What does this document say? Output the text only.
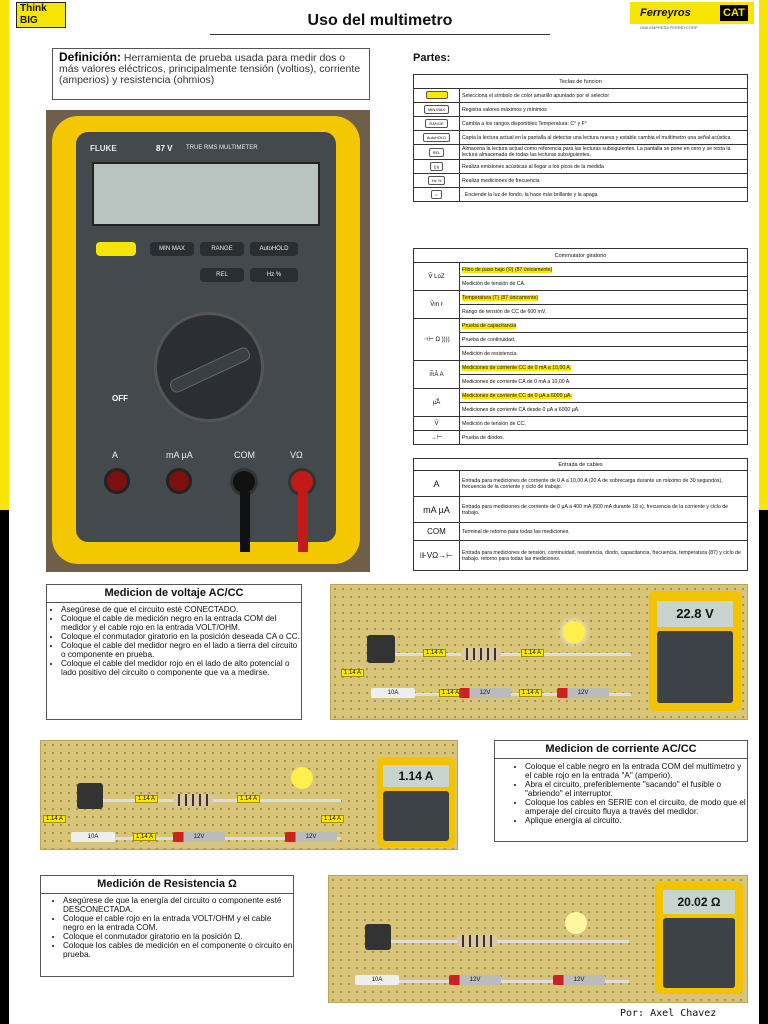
Think BIG	Uso del multimetro	Ferreyros	CAT
UNA EMPRESA FERREYCORP
Definición: Herramienta de prueba usada para medir dos o más valores eléctricos, principalmente tensión (voltios), corriente (amperios) y resistencia (ohmios)
Partes:
FLUKE	87 V TRUE RMS MULTIMETER
MIN MAX	RANGE	AutoHOLD
REL	Hz %
OFF
A	mA µA	COM	VΩ
Teclas de funcion	
	Selecciona el símbolo de color amarillo apuntado por el selector
MIN MAX	Registra valores máximos y mínimos
RANGE	Cambia a los rangos disponibles Temperatura: C° y F°
AutoHOLD	Capta la lectura actual en la pantalla al detectar una lectura nueva y estable cambia el multímetro una señal acústica
REL	Almacena la lectura actual como referencia para las lecturas subsiguientes. La pantalla se pone en cero y se resta la lectura almacenada de todas las lecturas subsiguientes.
))))	Realiza emisiones acústicas al llegar a los picos de la medida
Hz %	Realiza mediciones de frecuencia
☼	. Enciende la luz de fondo, la hace más brillante y la apaga
Commutator giratorio	
Ṽ LoZ	Filtro de paso bajo (©) (87 únicamente)
	Medición de tensión de CA.
Ṽm ℓ	Temperatura (T) (87 únicamente)
	Rango de tensión de CC de 600 mV.
⊣⊢ Ω ))))	Prueba de capacitancia
	Prueba de continuidad.
	Medición de resistencia.
m̃Ā A	Mediciones de corriente CC de 0 mA a 10,00 A.
	Mediciones de corriente CA de 0 mA a 10,00 A.
µ̃Ā	Mediciones de corriente CC de 0 µA a 6000 µA.
	Mediciones de corriente CA desde 0 µA a 6000 µA.
V̄	Medición de tensión de CC.
→⊢	Prueba de diodos.
Entrada de cables	
A	Entrada para mediciones de corriente de 0 A a 10,00 A (20 A de sobrecarga durante un máximo de 30 segundos), frecuencia de la corriente y ciclo de trabajo.
mA µA	Entrada para mediciones de corriente de 0 µA a 400 mA (600 mA durante 18 s), frecuencia de la corriente y ciclo de trabajo.
COM	Terminal de retorno para todas las mediciones.
⊪VΩ→⊢	Entrada para mediciones de tensión, continuidad, resistencia, diodo, capacitancia, frecuencia, temperatura (87) y ciclo de trabajo. retorno para todas las mediciones.
Medicion de voltaje AC/CC
• Asegúrese de que el circuito esté CONECTADO.
• Coloque el cable de medición negro en la entrada COM del medidor y el cable rojo en la entrada VOLT/OHM.
• Coloque el conmutador giratorio en la posición deseada CA o CC.
• Coloque el cable del medidor negro en el lado a tierra del circuito o componente en prueba.
• Coloque el cable del medidor rojo en el lado de alto potencial o lado positivo del circuito o componente que va a medirse.
1.14 A	1.14 A
1.14 A
1.14 A	1.14 A
10A	12V	12V
22.8 V
1.14 A	1.14 A
1.14 A
1.14 A
1.14 A
10A	12V	12V
1.14 A
Medicion de corriente AC/CC
• Coloque el cable negro en la entrada COM del multímetro y el cable rojo en la entrada "A" (amperio).
• Abra el circuito, preferiblemente "sacando" el fusible o "abriendo" el interruptor.
• Coloque los cables en SERIE con el circuito, de modo que el amperaje del circuito fluya a través del medidor.
• Aplique energía al circuito.
Medición de Resistencia Ω
• Asegúrese de que la energía del circuito o componente esté DESCONECTADA.
• Coloque el cable rojo en la entrada VOLT/OHM y el cable negro en la entrada COM.
• Coloque el conmutador giratorio en la posición Ω.
• Coloque los cables de medición en el componente o circuito en prueba.
10A	12V	12V
20.02 Ω
Por: Axel Chavez
